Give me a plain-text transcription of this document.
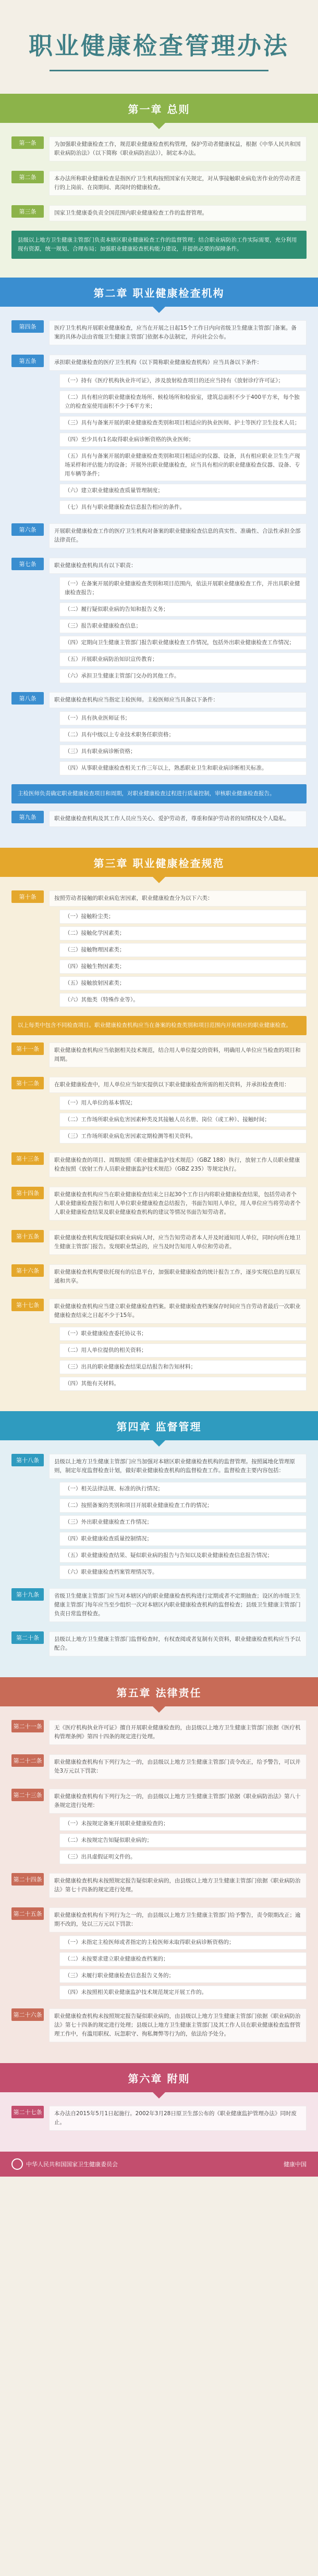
职业健康检查管理办法
第一章 总则
第一条	为加强职业健康检查工作，规范职业健康检查机构管理，保护劳动者健康权益，根据《中华人民共和国职业病防治法》（以下简称《职业病防治法》），制定本办法。
第二条	本办法所称职业健康检查是指医疗卫生机构按照国家有关规定，对从事接触职业病危害作业的劳动者进行的上岗前、在岗期间、离岗时的健康检查。
第三条	国家卫生健康委负责全国范围内职业健康检查工作的监督管理。
县级以上地方卫生健康主管部门负责本辖区职业健康检查工作的监督管理；结合职业病防治工作实际需要，充分利用现有资源，统一规划、合理布局；加强职业健康检查机构能力建设，并提供必要的保障条件。
第二章 职业健康检查机构
第四条	医疗卫生机构开展职业健康检查，应当在开展之日起15个工作日内向省级卫生健康主管部门备案。备案的具体办法由省级卫生健康主管部门依据本办法制定，并向社会公布。
第五条	承担职业健康检查的医疗卫生机构（以下简称职业健康检查机构）应当具备以下条件：
（一）持有《医疗机构执业许可证》，涉及放射检查项目的还应当持有《放射诊疗许可证》；
（二）具有相应的职业健康检查场所、候检场所和检验室，建筑总面积不少于400平方米，每个独立的检查室使用面积不少于6平方米；
（三）具有与备案开展的职业健康检查类别和项目相适应的执业医师、护士等医疗卫生技术人员；
（四）至少具有1名取得职业病诊断资格的执业医师；
（五）具有与备案开展的职业健康检查类别和项目相适应的仪器、设备，具有相应职业卫生生产现场采样和评估能力的设备；开展外出职业健康检查，应当具有相应的职业健康检查仪器、设备、专用车辆等条件；
（六）建立职业健康检查质量管理制度；
（七）具有与职业健康检查信息报告相应的条件。
第六条	开展职业健康检查工作的医疗卫生机构对备案的职业健康检查信息的真实性、准确性、合法性承担全部法律责任。
第七条	职业健康检查机构具有以下职责：
（一）在备案开展的职业健康检查类别和项目范围内，依法开展职业健康检查工作，并出具职业健康检查报告；
（二）履行疑似职业病的告知和报告义务；
（三）报告职业健康检查信息；
（四）定期向卫生健康主管部门报告职业健康检查工作情况，包括外出职业健康检查工作情况；
（五）开展职业病防治知识宣传教育；
（六）承担卫生健康主管部门交办的其他工作。
第八条	职业健康检查机构应当指定主检医师。主检医师应当具备以下条件：
（一）具有执业医师证书；
（二）具有中级以上专业技术职务任职资格；
（三）具有职业病诊断资格；
（四）从事职业健康检查相关工作三年以上，熟悉职业卫生和职业病诊断相关标准。
主检医师负责确定职业健康检查项目和周期，对职业健康检查过程进行质量控制，审核职业健康检查报告。
第九条	职业健康检查机构及其工作人员应当关心、爱护劳动者，尊重和保护劳动者的知情权及个人隐私。
第三章 职业健康检查规范
第十条	按照劳动者接触的职业病危害因素，职业健康检查分为以下六类：
（一）接触粉尘类；
（二）接触化学因素类；
（三）接触物理因素类；
（四）接触生物因素类；
（五）接触放射因素类；
（六）其他类（特殊作业等）。
以上每类中包含不同检查项目。职业健康检查机构应当在备案的检查类别和项目范围内开展相应的职业健康检查。
第十一条	职业健康检查机构应当依据相关技术规范，结合用人单位提交的资料，明确用人单位应当检查的项目和周期。
第十二条	在职业健康检查中，用人单位应当如实提供以下职业健康检查所需的相关资料，并承担检查费用：
（一）用人单位的基本情况；
（二）工作场所职业病危害因素种类及其接触人员名册、岗位（或工种）、接触时间；
（三）工作场所职业病危害因素定期检测等相关资料。
第十三条	职业健康检查的项目、周期按照《职业健康监护技术规范》（GBZ 188）执行，放射工作人员职业健康检查按照《放射工作人员职业健康监护技术规范》（GBZ 235）等规定执行。
第十四条	职业健康检查机构应当在职业健康检查结束之日起30个工作日内将职业健康检查结果，包括劳动者个人职业健康检查报告和用人单位职业健康检查总结报告，书面告知用人单位，用人单位应当将劳动者个人职业健康检查结果及职业健康检查机构的建议等情况书面告知劳动者。
第十五条	职业健康检查机构发现疑似职业病病人时，应当告知劳动者本人并及时通知用人单位，同时向所在地卫生健康主管部门报告。发现职业禁忌的，应当及时告知用人单位和劳动者。
第十六条	职业健康检查机构要依托现有的信息平台，加强职业健康检查的统计报告工作，逐步实现信息的互联互通和共享。
第十七条	职业健康检查机构应当建立职业健康检查档案。职业健康检查档案保存时间应当自劳动者最后一次职业健康检查结束之日起不少于15年。
（一）职业健康检查委托协议书；
（二）用人单位提供的相关资料；
（三）出具的职业健康检查结果总结报告和告知材料；
（四）其他有关材料。
第四章 监督管理
第十八条	县级以上地方卫生健康主管部门应当加强对本辖区职业健康检查机构的监督管理。按照属地化管理原则，制定年度监督检查计划，做好职业健康检查机构的监督检查工作。监督检查主要内容包括：
（一）相关法律法规、标准的执行情况；
（二）按照备案的类别和项目开展职业健康检查工作的情况；
（三）外出职业健康检查工作情况；
（四）职业健康检查质量控制情况；
（五）职业健康检查结果、疑似职业病的报告与告知以及职业健康检查信息报告情况；
（六）职业健康检查档案管理情况等。
第十九条	省级卫生健康主管部门应当对本辖区内的职业健康检查机构进行定期或者不定期抽查；设区的市级卫生健康主管部门每年应当至少组织一次对本辖区内职业健康检查机构的监督检查；县级卫生健康主管部门负责日常监督检查。
第二十条	县级以上地方卫生健康主管部门监督检查时，有权查阅或者复制有关资料，职业健康检查机构应当予以配合。
第五章 法律责任
第二十一条	无《医疗机构执业许可证》擅自开展职业健康检查的，由县级以上地方卫生健康主管部门依据《医疗机构管理条例》第四十四条的规定进行处理。
第二十二条	职业健康检查机构有下列行为之一的，由县级以上地方卫生健康主管部门责令改正，给予警告，可以并处3万元以下罚款：
第二十三条	职业健康检查机构有下列行为之一的，由县级以上地方卫生健康主管部门依据《职业病防治法》第八十条规定进行处理：
（一）未按规定备案开展职业健康检查的；
（二）未按规定告知疑似职业病的；
（三）出具虚假证明文件的。
第二十四条	职业健康检查机构未按照规定报告疑似职业病的，由县级以上地方卫生健康主管部门依据《职业病防治法》第七十四条的规定进行处理。
第二十五条	职业健康检查机构有下列行为之一的，由县级以上地方卫生健康主管部门给予警告，责令限期改正；逾期不改的，处以三万元以下罚款：
（一）未指定主检医师或者指定的主检医师未取得职业病诊断资格的；
（二）未按要求建立职业健康检查档案的；
（三）未履行职业健康检查信息报告义务的；
（四）未按照相关职业健康监护技术规范规定开展工作的。
第二十六条	职业健康检查机构未按照规定报告疑似职业病的，由县级以上地方卫生健康主管部门依据《职业病防治法》第七十四条的规定进行处理；县级以上地方卫生健康主管部门及其工作人员在职业健康检查监督管理工作中，有滥用职权、玩忽职守、徇私舞弊等行为的，依法给予处分。
第六章 附则
第二十七条	本办法自2015年5月1日起施行。2002年3月28日原卫生部公布的《职业健康监护管理办法》同时废止。
中华人民共和国国家卫生健康委员会	健康中国
